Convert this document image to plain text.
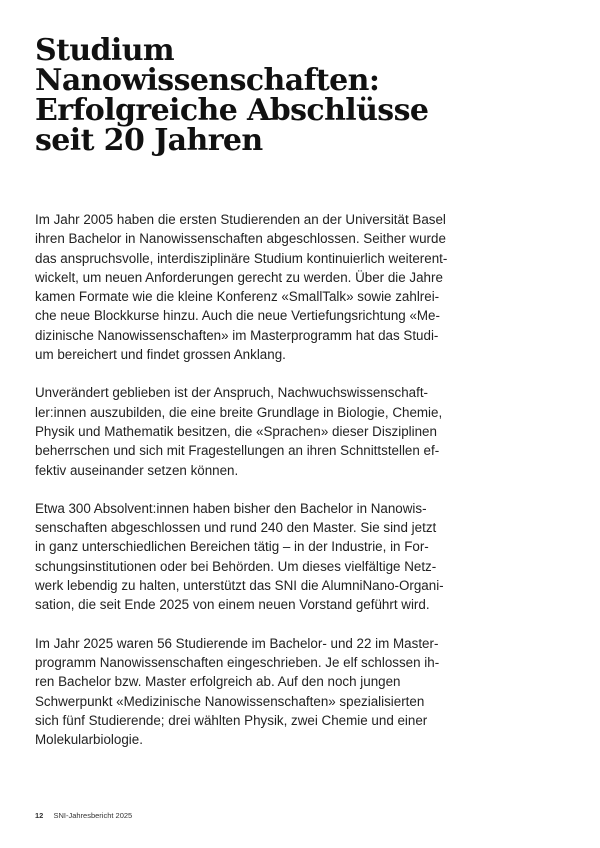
Studium
Nanowissenschaften:
Erfolgreiche Abschlüsse
seit 20 Jahren

Im Jahr 2005 haben die ersten Studierenden an der Universität Basel
ihren Bachelor in Nanowissenschaften abgeschlossen. Seither wurde
das anspruchsvolle, interdisziplinäre Studium kontinuierlich weiterent-
wickelt, um neuen Anforderungen gerecht zu werden. Über die Jahre
kamen Formate wie die kleine Konferenz «SmallTalk» sowie zahlrei-
che neue Blockkurse hinzu. Auch die neue Vertiefungsrichtung «Me-
dizinische Nanowissenschaften» im Masterprogramm hat das Studi-
um bereichert und findet grossen Anklang.

Unverändert geblieben ist der Anspruch, Nachwuchswissenschaft-
ler:innen auszubilden, die eine breite Grundlage in Biologie, Chemie,
Physik und Mathematik besitzen, die «Sprachen» dieser Disziplinen
beherrschen und sich mit Fragestellungen an ihren Schnittstellen ef-
fektiv auseinander setzen können.

Etwa 300 Absolvent:innen haben bisher den Bachelor in Nanowis-
senschaften abgeschlossen und rund 240 den Master. Sie sind jetzt
in ganz unterschiedlichen Bereichen tätig – in der Industrie, in For-
schungsinstitutionen oder bei Behörden. Um dieses vielfältige Netz-
werk lebendig zu halten, unterstützt das SNI die AlumniNano-Organi-
sation, die seit Ende 2025 von einem neuen Vorstand geführt wird.

Im Jahr 2025 waren 56 Studierende im Bachelor- und 22 im Master-
programm Nanowissenschaften eingeschrieben. Je elf schlossen ih-
ren Bachelor bzw. Master erfolgreich ab. Auf den noch jungen
Schwerpunkt «Medizinische Nanowissenschaften» spezialisierten
sich fünf Studierende; drei wählten Physik, zwei Chemie und einer
Molekularbiologie.

12 SNI-Jahresbericht 2025
